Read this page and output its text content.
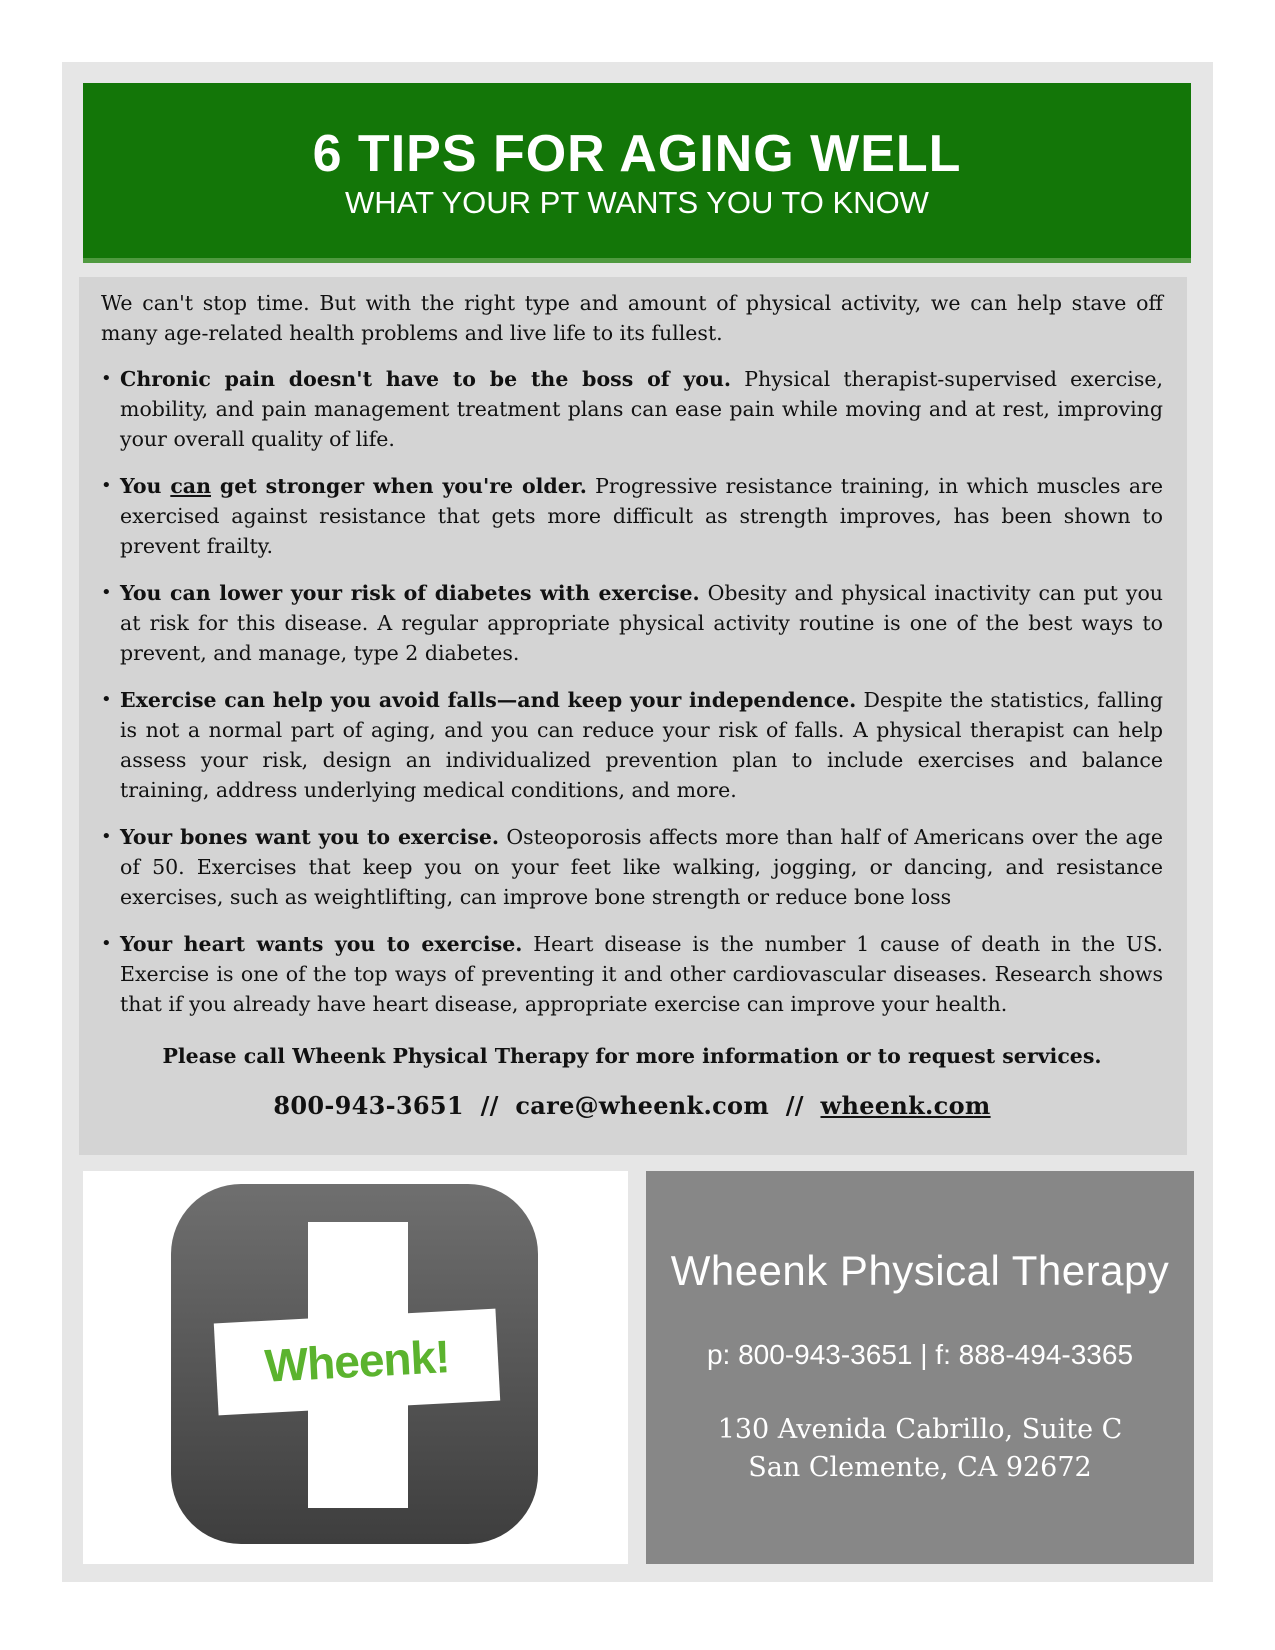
6 TIPS FOR AGING WELL
WHAT YOUR PT WANTS YOU TO KNOW

We can't stop time. But with the right type and amount of physical activity, we can help stave off many age-related health problems and live life to its fullest.

• Chronic pain doesn't have to be the boss of you. Physical therapist-supervised exercise, mobility, and pain management treatment plans can ease pain while moving and at rest, improving your overall quality of life.
• You can get stronger when you're older. Progressive resistance training, in which muscles are exercised against resistance that gets more difficult as strength improves, has been shown to prevent frailty.
• You can lower your risk of diabetes with exercise. Obesity and physical inactivity can put you at risk for this disease. A regular appropriate physical activity routine is one of the best ways to prevent, and manage, type 2 diabetes.
• Exercise can help you avoid falls—and keep your independence. Despite the statistics, falling is not a normal part of aging, and you can reduce your risk of falls. A physical therapist can help assess your risk, design an individualized prevention plan to include exercises and balance training, address underlying medical conditions, and more.
• Your bones want you to exercise. Osteoporosis affects more than half of Americans over the age of 50. Exercises that keep you on your feet like walking, jogging, or dancing, and resistance exercises, such as weightlifting, can improve bone strength or reduce bone loss
• Your heart wants you to exercise. Heart disease is the number 1 cause of death in the US. Exercise is one of the top ways of preventing it and other cardiovascular diseases. Research shows that if you already have heart disease, appropriate exercise can improve your health.
Please call Wheenk Physical Therapy for more information or to request services.
800-943-3651 // care@wheenk.com // wheenk.com
Wheenk!
Wheenk Physical Therapy
p: 800-943-3651 | f: 888-494-3365
130 Avenida Cabrillo, Suite C
San Clemente, CA 92672
